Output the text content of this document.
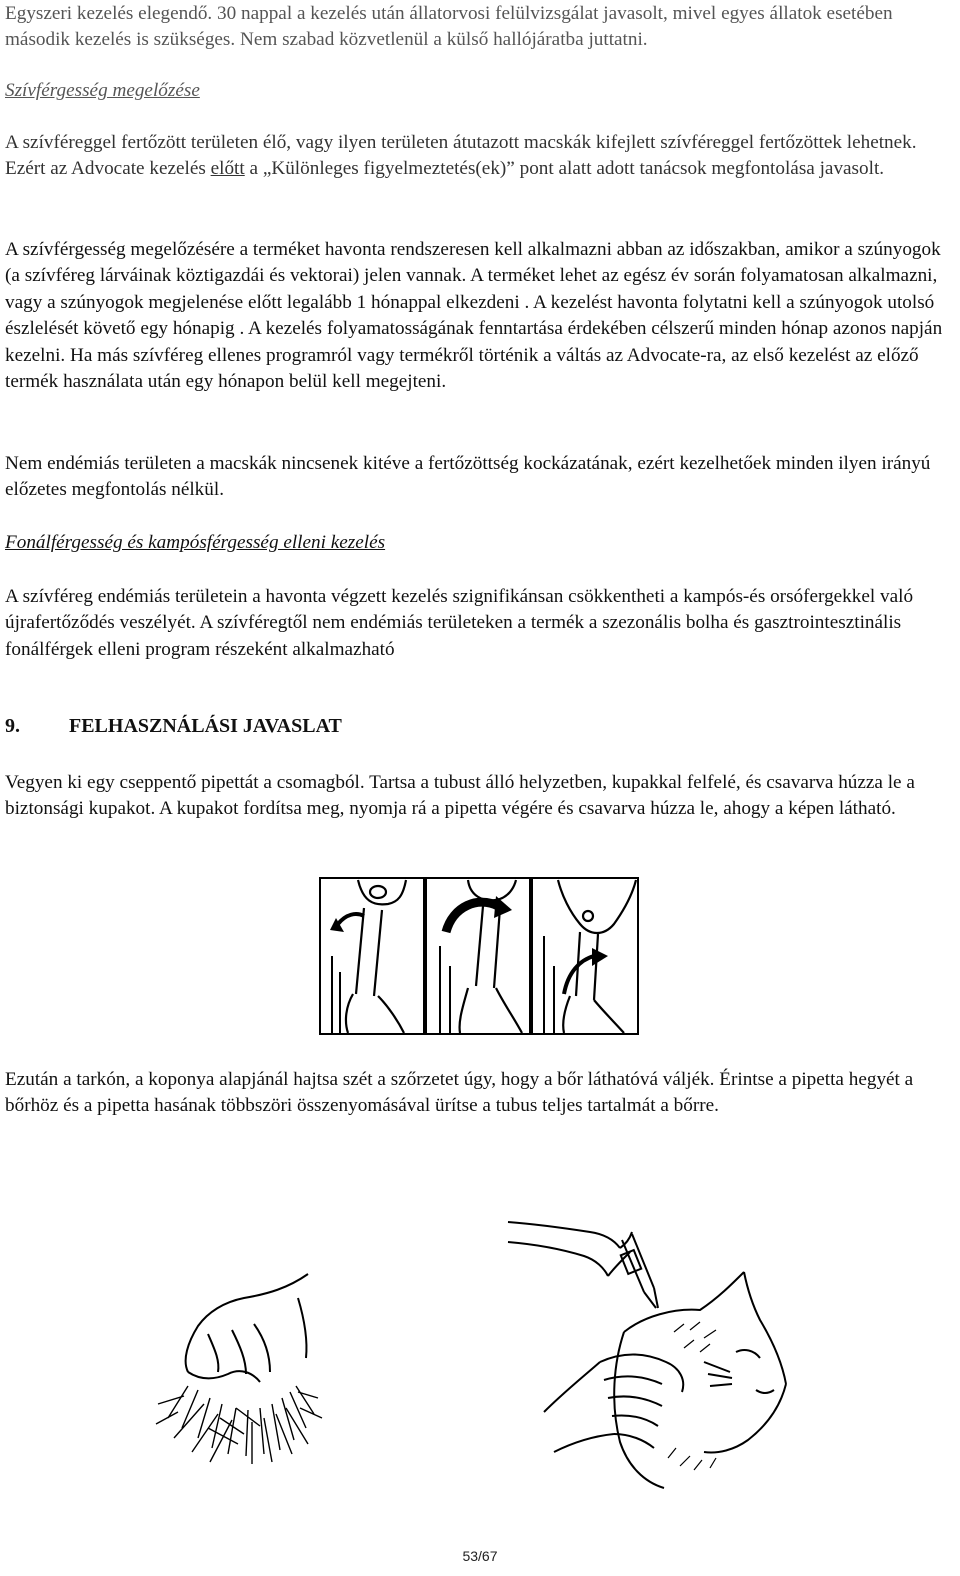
Egyszeri kezelés elegendő. 30 nappal a kezelés után állatorvosi felülvizsgálat javasolt, mivel egyes állatok esetében második kezelés is szükséges. Nem szabad közvetlenül a külső hallójáratba juttatni.

Szívférgesség megelőzése

A szívféreggel fertőzött területen élő, vagy ilyen területen átutazott macskák kifejlett szívféreggel fertőzöttek lehetnek. Ezért az Advocate kezelés előtt a „Különleges figyelmeztetés(ek)” pont alatt adott tanácsok megfontolása javasolt.

A szívférgesség megelőzésére a terméket havonta rendszeresen kell alkalmazni abban az időszakban, amikor a szúnyogok (a szívféreg lárváinak köztigazdái és vektorai) jelen vannak. A terméket lehet az egész év során folyamatosan alkalmazni, vagy a szúnyogok megjelenése előtt legalább 1 hónappal elkezdeni . A kezelést havonta folytatni kell a szúnyogok utolsó észlelését követő egy hónapig . A kezelés folyamatosságának fenntartása érdekében célszerű minden hónap azonos napján kezelni. Ha más szívféreg ellenes programról vagy termékről történik a váltás az Advocate-ra, az első kezelést az előző termék használata után egy hónapon belül kell megejteni.

Nem endémiás területen a macskák nincsenek kitéve a fertőzöttség kockázatának, ezért kezelhetőek minden ilyen irányú előzetes megfontolás nélkül.

Fonálférgesség és kampósférgesség elleni kezelés

A szívféreg endémiás területein a havonta végzett kezelés szignifikánsan csökkentheti a kampós-és orsófergekkel való újrafertőződés veszélyét. A szívféregtől nem endémiás területeken a termék a szezonális bolha és gasztrointesztinális fonálférgek elleni program részeként alkalmazható

9. FELHASZNÁLÁSI JAVASLAT

Vegyen ki egy cseppentő pipettát a csomagból. Tartsa a tubust álló helyzetben, kupakkal felfelé, és csavarva húzza le a biztonsági kupakot. A kupakot fordítsa meg, nyomja rá a pipetta végére és csavarva húzza le, ahogy a képen látható.

Ezután a tarkón, a koponya alapjánál hajtsa szét a szőrzetet úgy, hogy a bőr láthatóvá váljék. Érintse a pipetta hegyét a bőrhöz és a pipetta hasának többszöri összenyomásával ürítse a tubus teljes tartalmát a bőrre.

53/67
